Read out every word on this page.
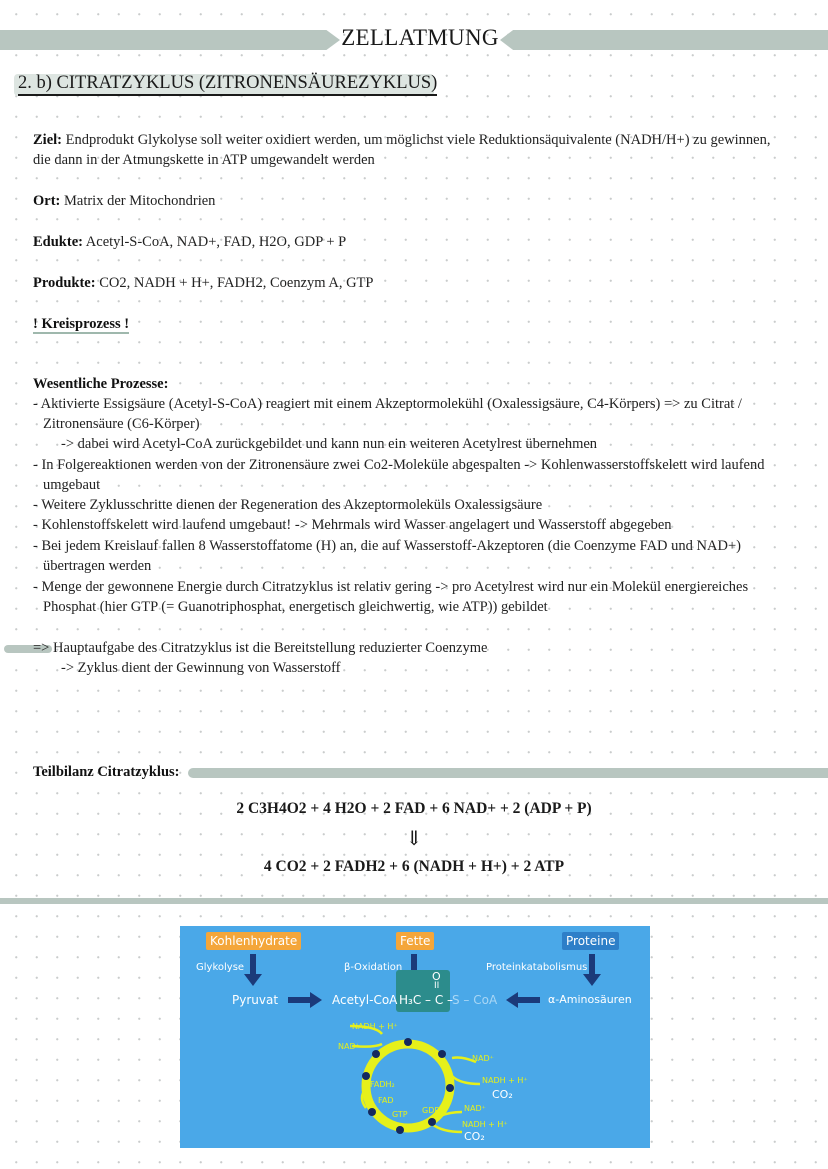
ZELLATMUNG
2. b) CITRATZYKLUS (ZITRONENSÄUREZYKLUS)
Ziel: Endprodukt Glykolyse soll weiter oxidiert werden, um möglichst viele Reduktionsäquivalente (NADH/H+) zu gewinnen,
die dann in der Atmungskette in ATP umgewandelt werden
Ort: Matrix der Mitochondrien
Edukte: Acetyl-S-CoA, NAD+, FAD, H2O, GDP + P
Produkte: CO2, NADH + H+, FADH2, Coenzym A, GTP
! Kreisprozess !
Wesentliche Prozesse:
- Aktivierte Essigsäure (Acetyl-S-CoA) reagiert mit einem Akzeptormolekühl (Oxalessigsäure, C4-Körpers) => zu Citrat /
Zitronensäure (C6-Körper)
-> dabei wird Acetyl-CoA zurückgebildet und kann nun ein weiteren Acetylrest übernehmen
- In Folgereaktionen werden von der Zitronensäure zwei Co2-Moleküle abgespalten -> Kohlenwasserstoffskelett wird laufend
umgebaut
- Weitere Zyklusschritte dienen der Regeneration des Akzeptormoleküls Oxalessigsäure
- Kohlenstoffskelett wird laufend umgebaut! -> Mehrmals wird Wasser angelagert und Wasserstoff abgegeben
- Bei jedem Kreislauf fallen 8 Wasserstoffatome (H) an, die auf Wasserstoff-Akzeptoren (die Coenzyme FAD und NAD+)
übertragen werden
- Menge der gewonnene Energie durch Citratzyklus ist relativ gering -> pro Acetylrest wird nur ein Molekül energiereiches
Phosphat (hier GTP (= Guanotriphosphat, energetisch gleichwertig, wie ATP)) gebildet
=> Hauptaufgabe des Citratzyklus ist die Bereitstellung reduzierter Coenzyme
-> Zyklus dient der Gewinnung von Wasserstoff
Teilbilanz Citratzyklus:
2 C3H4O2 + 4 H2O + 2 FAD + 6 NAD+ + 2 (ADP + P)
⇓
4 CO2 + 2 FADH2 + 6 (NADH + H+) + 2 ATP
Kohlenhydrate	Fette	Proteine
Glykolyse	β-Oxidation	Proteinkatabolismus
Pyruvat	Acetyl-CoA
O
II
H₃C – C –
S – CoA	α-Aminosäuren
NADH + H⁺
NAD⁺
NAD⁺
NADH + H⁺
CO₂
FADH₂
FAD
GTP GDP	NAD⁺
NADH + H⁺
CO₂
